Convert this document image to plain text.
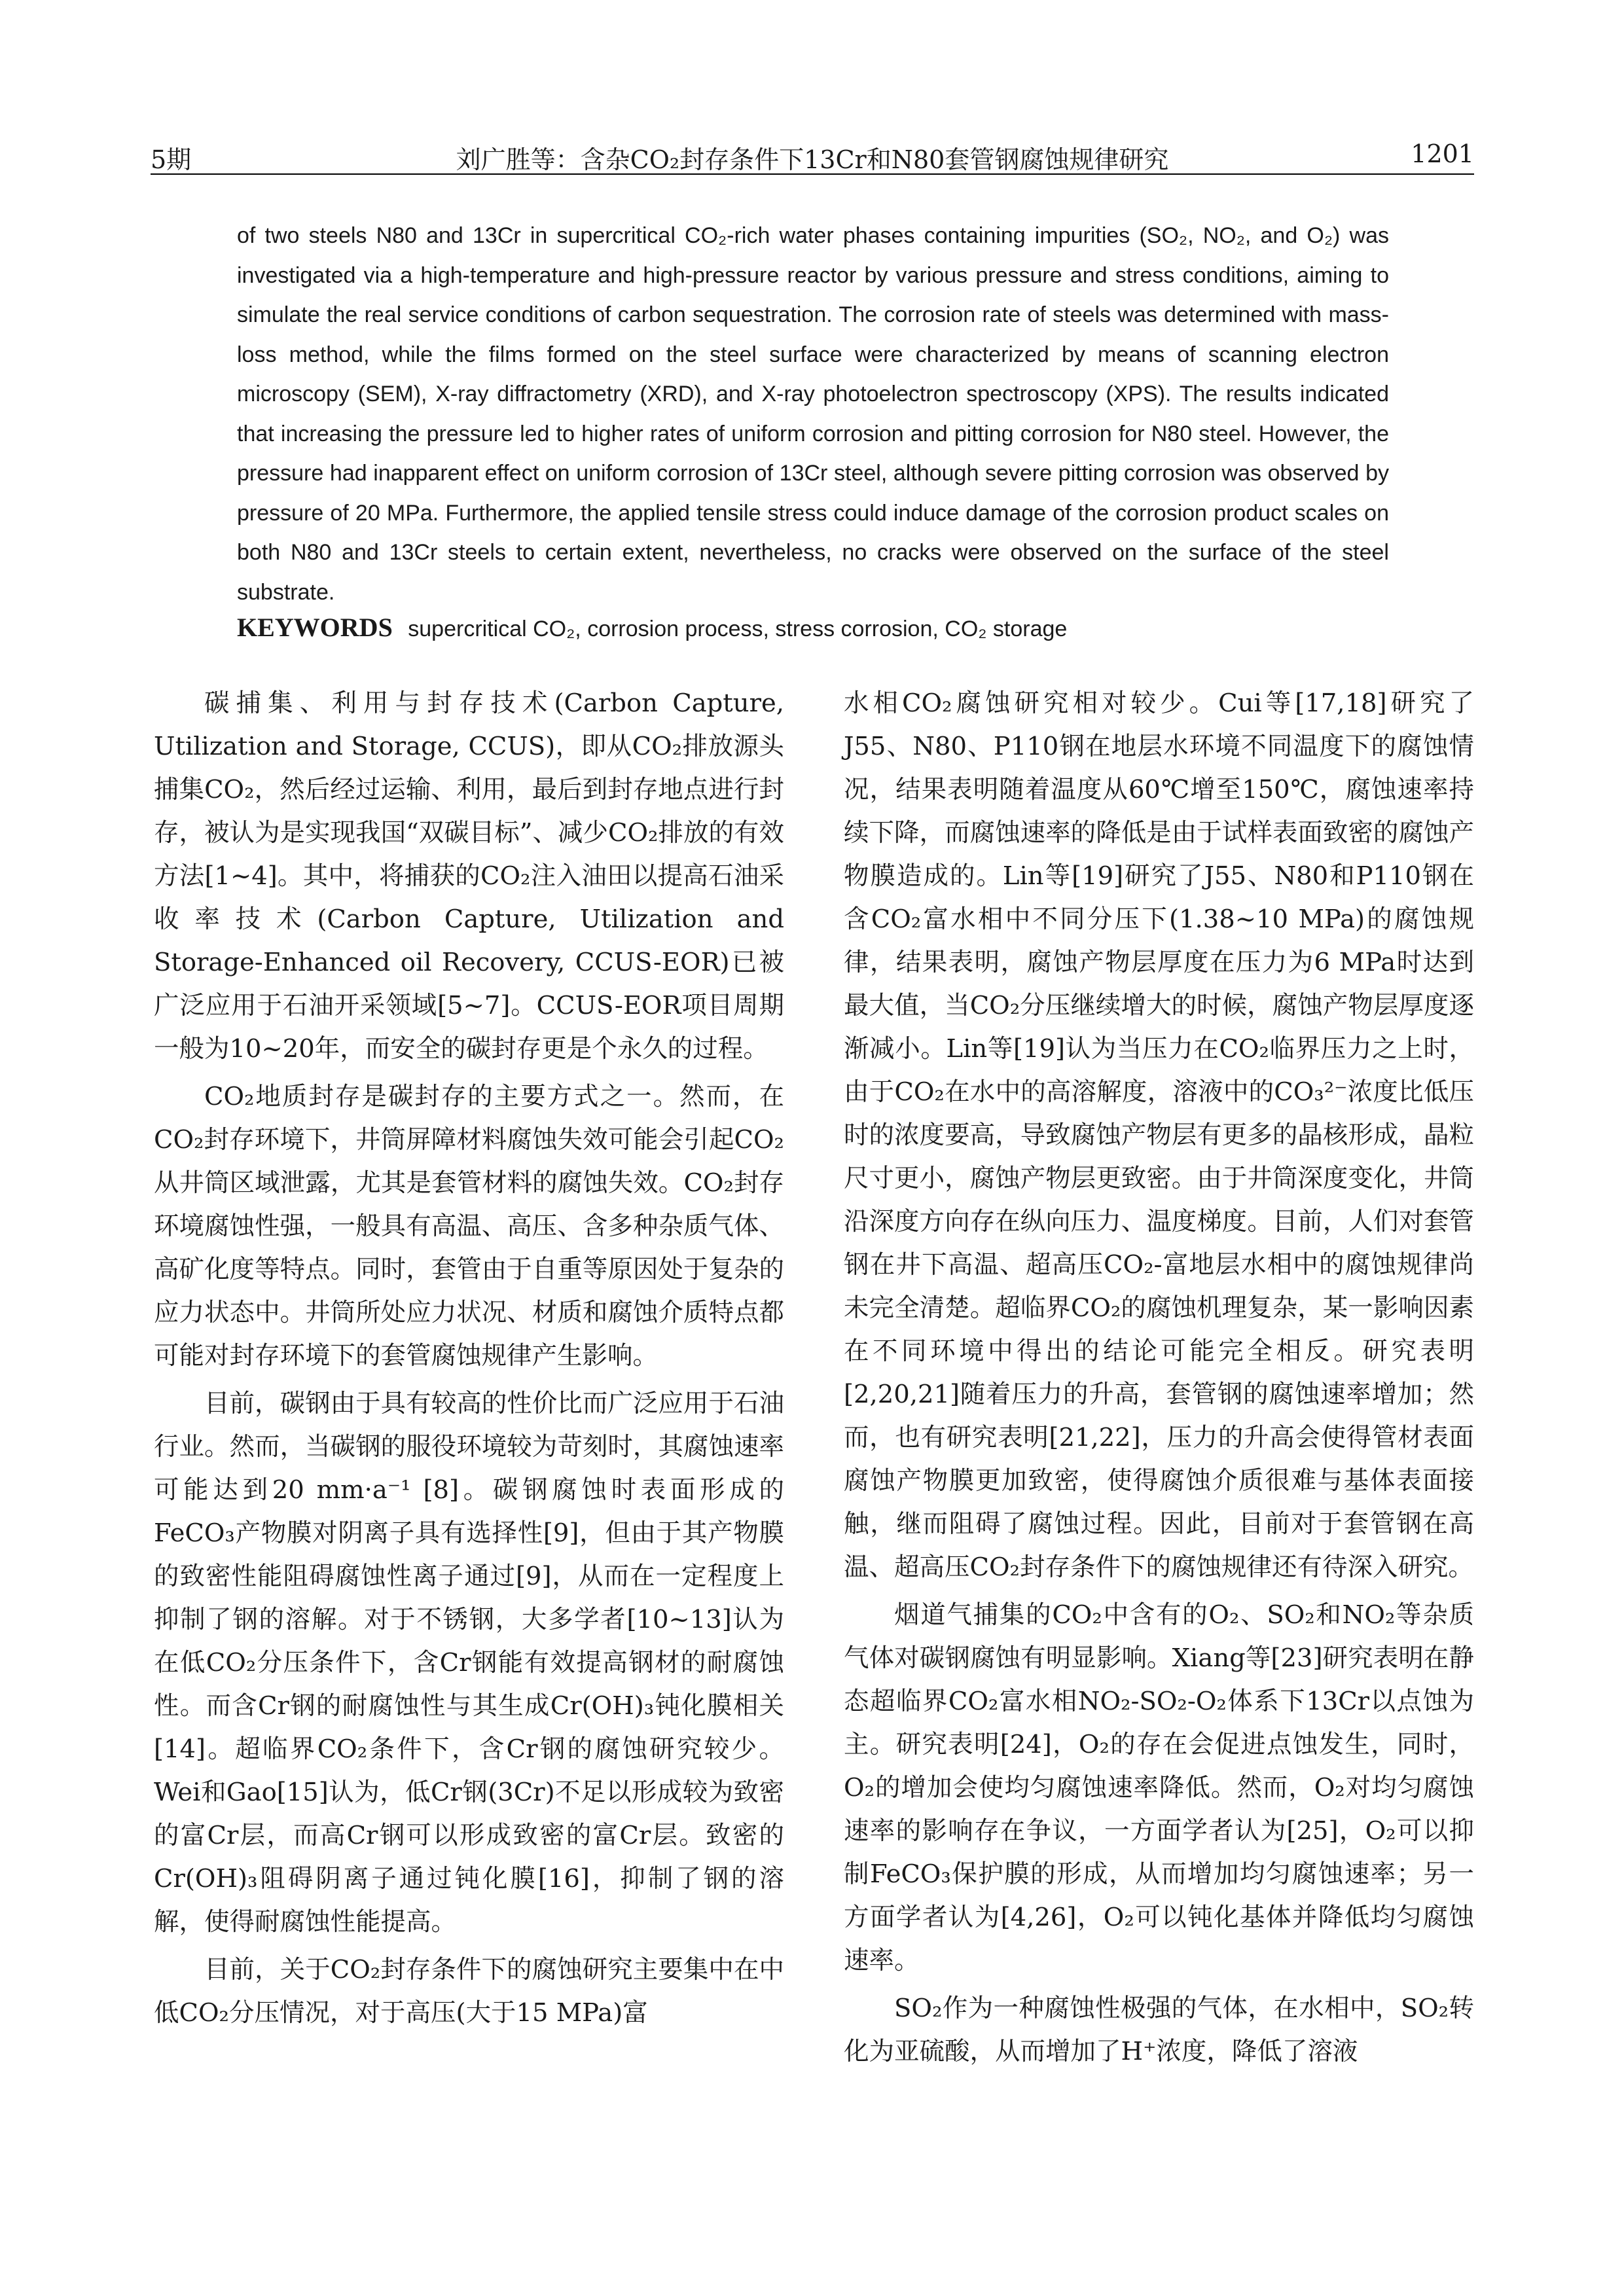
5期	刘广胜等：含杂CO₂封存条件下13Cr和N80套管钢腐蚀规律研究	1201
of two steels N80 and 13Cr in supercritical CO₂-rich water phases containing impurities (SO₂, NO₂, and O₂) was investigated via a high-temperature and high-pressure reactor by various pressure and stress conditions, aiming to simulate the real service conditions of carbon sequestration. The corrosion rate of steels was determined with mass-loss method, while the films formed on the steel surface were characterized by means of scanning electron microscopy (SEM), X-ray diffractometry (XRD), and X-ray photoelectron spectroscopy (XPS). The results indicated that increasing the pressure led to higher rates of uniform corrosion and pitting corrosion for N80 steel. However, the pressure had inapparent effect on uniform corrosion of 13Cr steel, although severe pitting corrosion was observed by pressure of 20 MPa. Furthermore, the applied tensile stress could induce damage of the corrosion product scales on both N80 and 13Cr steels to certain extent, nevertheless, no cracks were observed on the surface of the steel substrate.
KEYWORDS supercritical CO₂, corrosion process, stress corrosion, CO₂ storage

碳捕集、利用与封存技术(Carbon Capture, Utilization and Storage, CCUS)，即从CO₂排放源头捕集CO₂，然后经过运输、利用，最后到封存地点进行封存，被认为是实现我国“双碳目标”、减少CO₂排放的有效方法[1~4]。其中，将捕获的CO₂注入油田以提高石油采收率技术(Carbon Capture, Utilization and Storage-Enhanced oil Recovery, CCUS-EOR)已被广泛应用于石油开采领域[5~7]。CCUS-EOR项目周期一般为10~20年，而安全的碳封存更是个永久的过程。

CO₂地质封存是碳封存的主要方式之一。然而，在CO₂封存环境下，井筒屏障材料腐蚀失效可能会引起CO₂从井筒区域泄露，尤其是套管材料的腐蚀失效。CO₂封存环境腐蚀性强，一般具有高温、高压、含多种杂质气体、高矿化度等特点。同时，套管由于自重等原因处于复杂的应力状态中。井筒所处应力状况、材质和腐蚀介质特点都可能对封存环境下的套管腐蚀规律产生影响。

目前，碳钢由于具有较高的性价比而广泛应用于石油行业。然而，当碳钢的服役环境较为苛刻时，其腐蚀速率可能达到20 mm·a⁻¹ [8]。碳钢腐蚀时表面形成的FeCO₃产物膜对阴离子具有选择性[9]，但由于其产物膜的致密性能阻碍腐蚀性离子通过[9]，从而在一定程度上抑制了钢的溶解。对于不锈钢，大多学者[10~13]认为在低CO₂分压条件下，含Cr钢能有效提高钢材的耐腐蚀性。而含Cr钢的耐腐蚀性与其生成Cr(OH)₃钝化膜相关[14]。超临界CO₂条件下，含Cr钢的腐蚀研究较少。Wei和Gao[15]认为，低Cr钢(3Cr)不足以形成较为致密的富Cr层，而高Cr钢可以形成致密的富Cr层。致密的Cr(OH)₃阻碍阴离子通过钝化膜[16]，抑制了钢的溶解，使得耐腐蚀性能提高。

目前，关于CO₂封存条件下的腐蚀研究主要集中在中低CO₂分压情况，对于高压(大于15 MPa)富

水相CO₂腐蚀研究相对较少。Cui等[17,18]研究了J55、N80、P110钢在地层水环境不同温度下的腐蚀情况，结果表明随着温度从60℃增至150℃，腐蚀速率持续下降，而腐蚀速率的降低是由于试样表面致密的腐蚀产物膜造成的。Lin等[19]研究了J55、N80和P110钢在含CO₂富水相中不同分压下(1.38~10 MPa)的腐蚀规律，结果表明，腐蚀产物层厚度在压力为6 MPa时达到最大值，当CO₂分压继续增大的时候，腐蚀产物层厚度逐渐减小。Lin等[19]认为当压力在CO₂临界压力之上时，由于CO₂在水中的高溶解度，溶液中的CO₃²⁻浓度比低压时的浓度要高，导致腐蚀产物层有更多的晶核形成，晶粒尺寸更小，腐蚀产物层更致密。由于井筒深度变化，井筒沿深度方向存在纵向压力、温度梯度。目前，人们对套管钢在井下高温、超高压CO₂-富地层水相中的腐蚀规律尚未完全清楚。超临界CO₂的腐蚀机理复杂，某一影响因素在不同环境中得出的结论可能完全相反。研究表明[2,20,21]随着压力的升高，套管钢的腐蚀速率增加；然而，也有研究表明[21,22]，压力的升高会使得管材表面腐蚀产物膜更加致密，使得腐蚀介质很难与基体表面接触，继而阻碍了腐蚀过程。因此，目前对于套管钢在高温、超高压CO₂封存条件下的腐蚀规律还有待深入研究。

烟道气捕集的CO₂中含有的O₂、SO₂和NO₂等杂质气体对碳钢腐蚀有明显影响。Xiang等[23]研究表明在静态超临界CO₂富水相NO₂-SO₂-O₂体系下13Cr以点蚀为主。研究表明[24]，O₂的存在会促进点蚀发生，同时，O₂的增加会使均匀腐蚀速率降低。然而，O₂对均匀腐蚀速率的影响存在争议，一方面学者认为[25]，O₂可以抑制FeCO₃保护膜的形成，从而增加均匀腐蚀速率；另一方面学者认为[4,26]，O₂可以钝化基体并降低均匀腐蚀速率。

SO₂作为一种腐蚀性极强的气体，在水相中，SO₂转化为亚硫酸，从而增加了H⁺浓度，降低了溶液
